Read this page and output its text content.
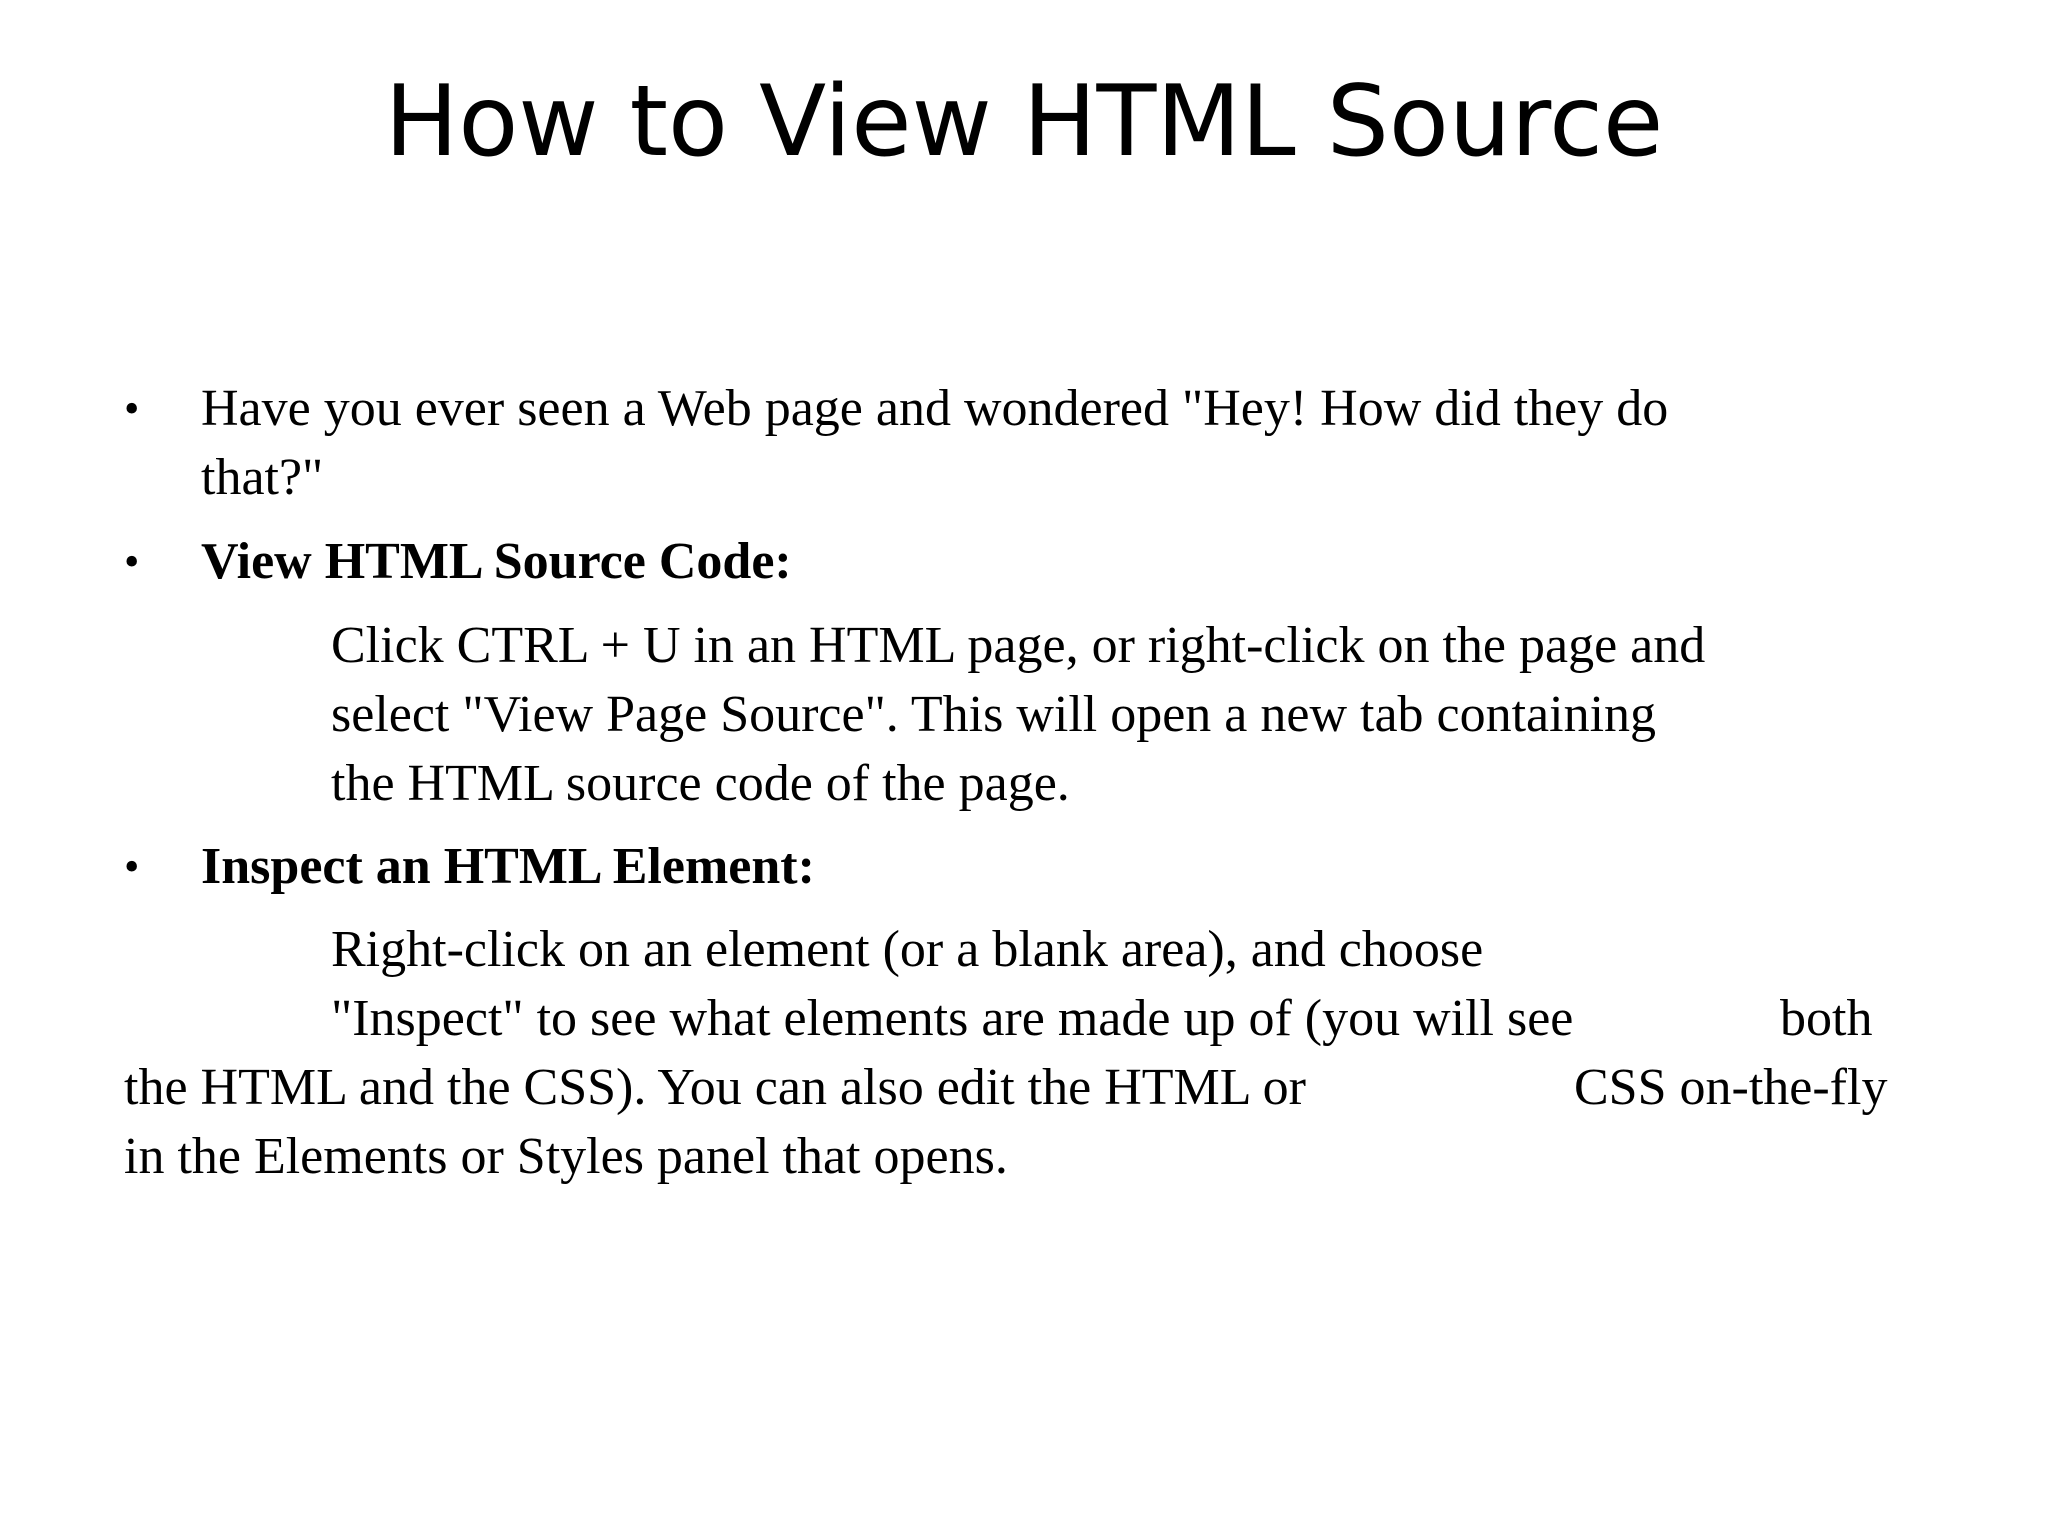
How to View HTML Source
• Have you ever seen a Web page and wondered "Hey! How did they do
that?"
• View HTML Source Code:
Click CTRL + U in an HTML page, or right-click on the page and
select "View Page Source". This will open a new tab containing
the HTML source code of the page.
• Inspect an HTML Element:
Right-click on an element (or a blank area), and choose
"Inspect" to see what elements are made up of (you will see	both
the HTML and the CSS). You can also edit the HTML or	CSS on-the-fly
in the Elements or Styles panel that opens.
